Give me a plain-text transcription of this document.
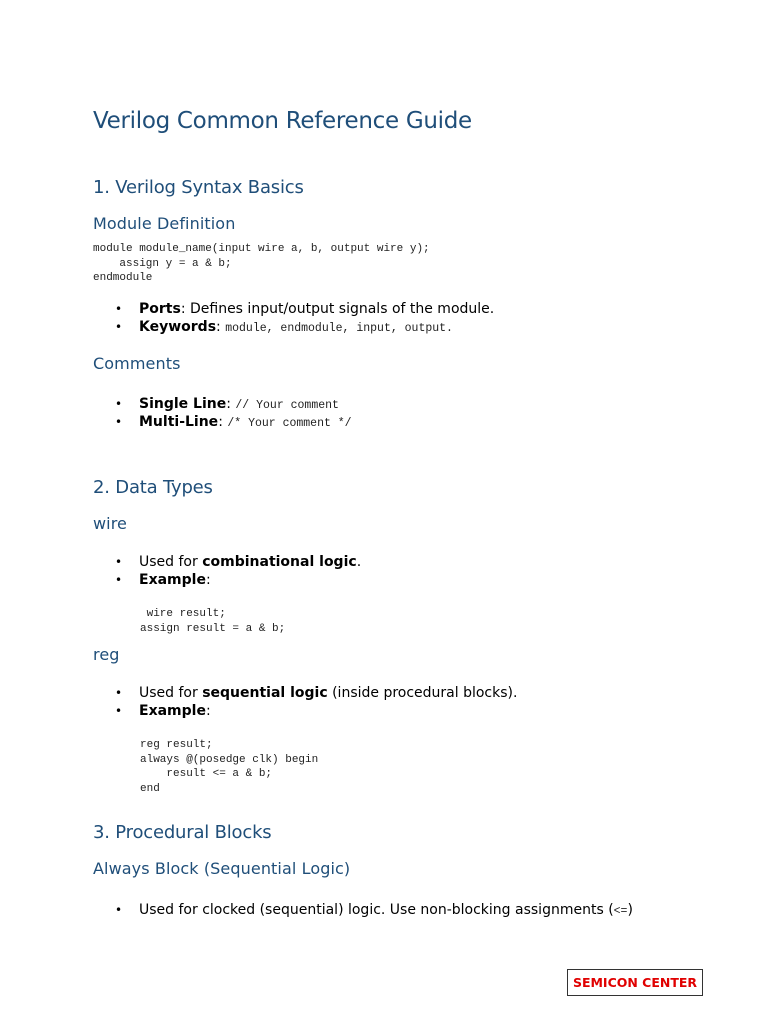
Verilog Common Reference Guide
1. Verilog Syntax Basics
Module Definition
module module_name(input wire a, b, output wire y);
assign y = a & b;
endmodule
• Ports: Defines input/output signals of the module.
• Keywords: module, endmodule, input, output.
Comments
• Single Line: // Your comment
• Multi-Line: /* Your comment */
2. Data Types
wire
• Used for combinational logic.
• Example:
wire result;
assign result = a & b;
reg
• Used for sequential logic (inside procedural blocks).
• Example:
reg result;
always @(posedge clk) begin
result <= a & b;
end
3. Procedural Blocks
Always Block (Sequential Logic)
• Used for clocked (sequential) logic. Use non-blocking assignments (<=)
SEMICON CENTER
